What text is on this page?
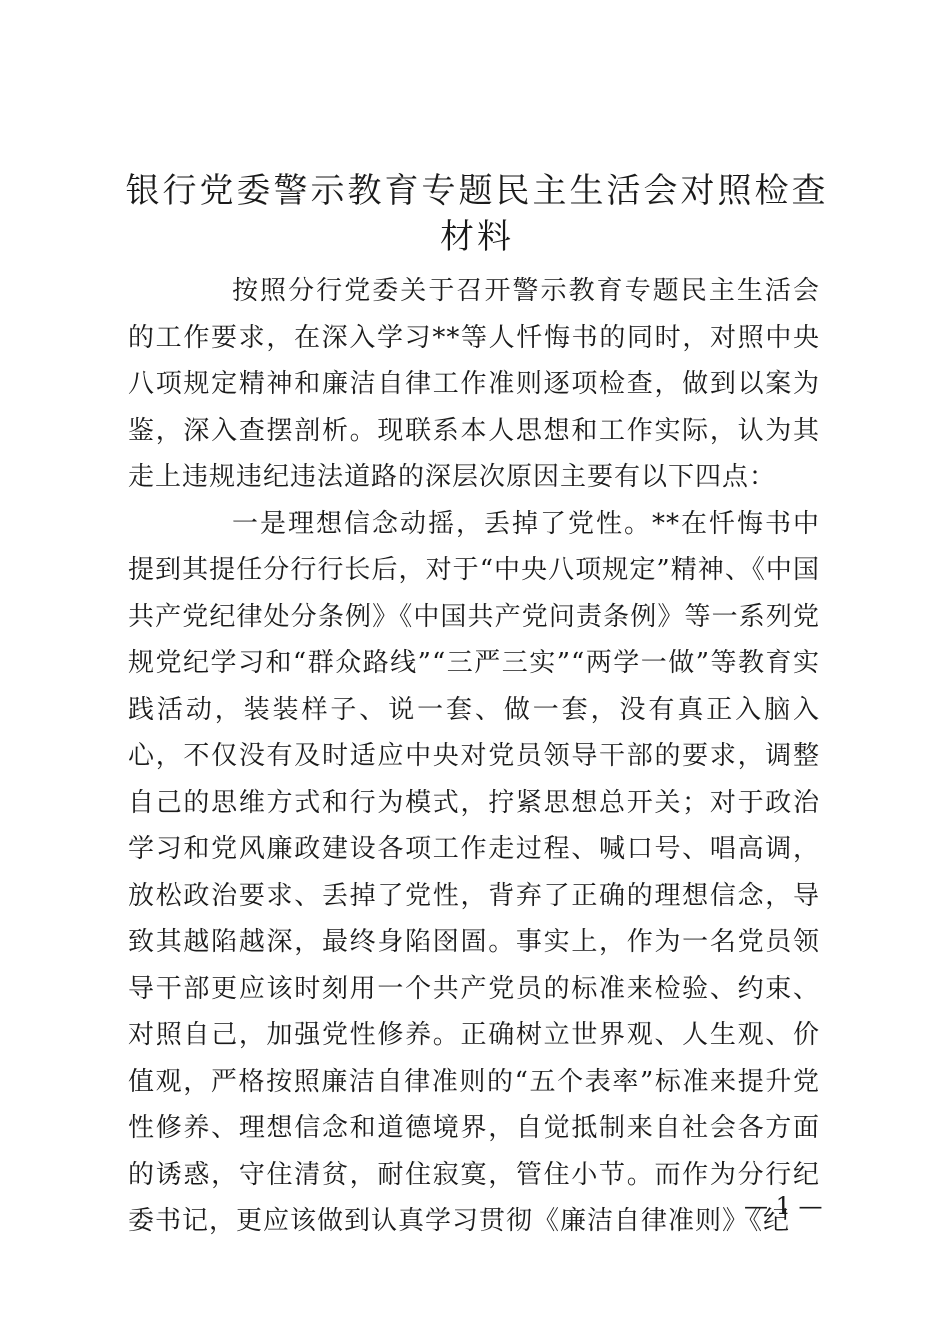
银行党委警示教育专题民主生活会对照检查材料

按照分行党委关于召开警示教育专题民主生活会的工作要求，在深入学习**等人忏悔书的同时，对照中央八项规定精神和廉洁自律工作准则逐项检查，做到以案为鉴，深入查摆剖析。现联系本人思想和工作实际，认为其走上违规违纪违法道路的深层次原因主要有以下四点：

一是理想信念动摇，丢掉了党性。**在忏悔书中提到其提任分行行长后，对于“中央八项规定”精神、《中国共产党纪律处分条例》《中国共产党问责条例》等一系列党规党纪学习和“群众路线”“三严三实”“两学一做”等教育实践活动，装装样子、说一套、做一套，没有真正入脑入心，不仅没有及时适应中央对党员领导干部的要求，调整自己的思维方式和行为模式，拧紧思想总开关；对于政治学习和党风廉政建设各项工作走过程、喊口号、唱高调，放松政治要求、丢掉了党性，背弃了正确的理想信念，导致其越陷越深，最终身陷囹圄。事实上，作为一名党员领导干部更应该时刻用一个共产党员的标准来检验、约束、对照自己，加强党性修养。正确树立世界观、人生观、价值观，严格按照廉洁自律准则的“五个表率”标准来提升党性修养、理想信念和道德境界，自觉抵制来自社会各方面的诱惑，守住清贫，耐住寂寞，管住小节。而作为分行纪委书记，更应该做到认真学习贯彻《廉洁自律准则》《纪

— 1 —
